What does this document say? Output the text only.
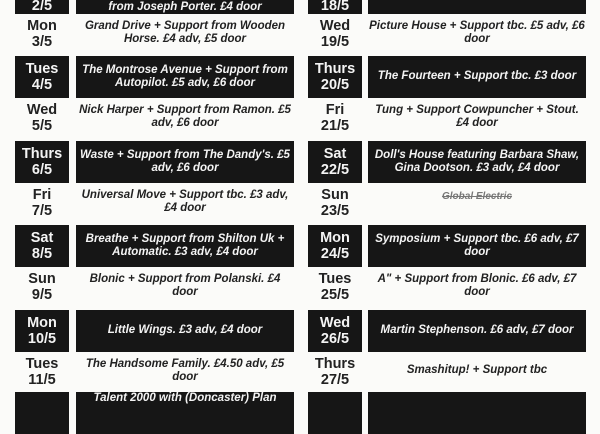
2/5	from Joseph Porter. £4 door
Mon
3/5
Grand Drive + Support from Wooden Horse. £4 adv, £5 door
Tues
4/5
The Montrose Avenue + Support from Autopilot. £5 adv, £6 door
Wed
5/5
Nick Harper + Support from Ramon. £5 adv, £6 door
Thurs
6/5
Waste + Support from The Dandy's. £5 adv, £6 door
Fri
7/5
Universal Move + Support tbc. £3 adv, £4 door
Sat
8/5
Breathe + Support from Shilton Uk + Automatic. £3 adv, £4 door
Sun
9/5
Blonic + Support from Polanski. £4 door
Mon
10/5
Little Wings. £3 adv, £4 door
Tues
11/5
The Handsome Family. £4.50 adv, £5 door
Talent 2000 with (Doncaster) Plan
18/5
Wed
19/5
Picture House + Support tbc. £5 adv, £6 door
Thurs
20/5
The Fourteen + Support tbc. £3 door
Fri
21/5
Tung + Support Cowpuncher + Stout. £4 door
Sat
22/5
Doll's House featuring Barbara Shaw, Gina Dootson. £3 adv, £4 door
Sun
23/5
Global Electric
Mon
24/5
Symposium + Support tbc. £6 adv, £7 door
Tues
25/5
A" + Support from Blonic. £6 adv, £7 door
Wed
26/5
Martin Stephenson. £6 adv, £7 door
Thurs
27/5
Smashitup! + Support tbc
